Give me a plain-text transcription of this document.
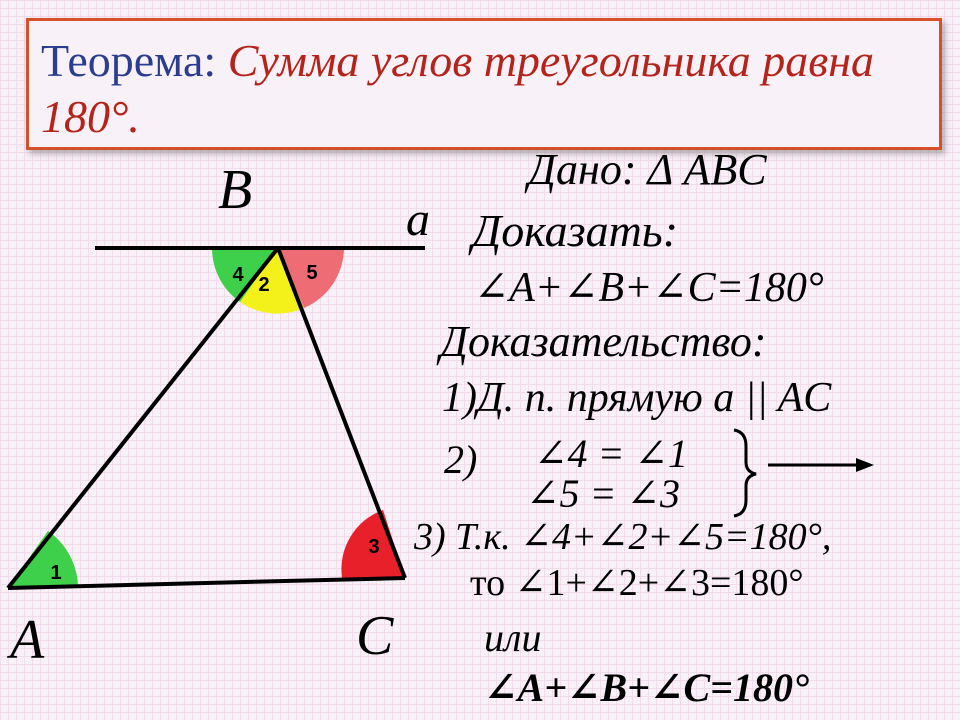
Теорема: Сумма углов треугольника равна 180°.
B
A	C
a
4 2
5
1
3
Дано: Δ ABC
Доказать:
∠A+∠B+∠C=180°
Доказательство:
1)Д. п. прямую a || AC
2) ∠4 = ∠1
∠5 = ∠3
3) Т.к. ∠4+∠2+∠5=180°,
то ∠1+∠2+∠3=180°
или
∠A+∠B+∠C=180°
